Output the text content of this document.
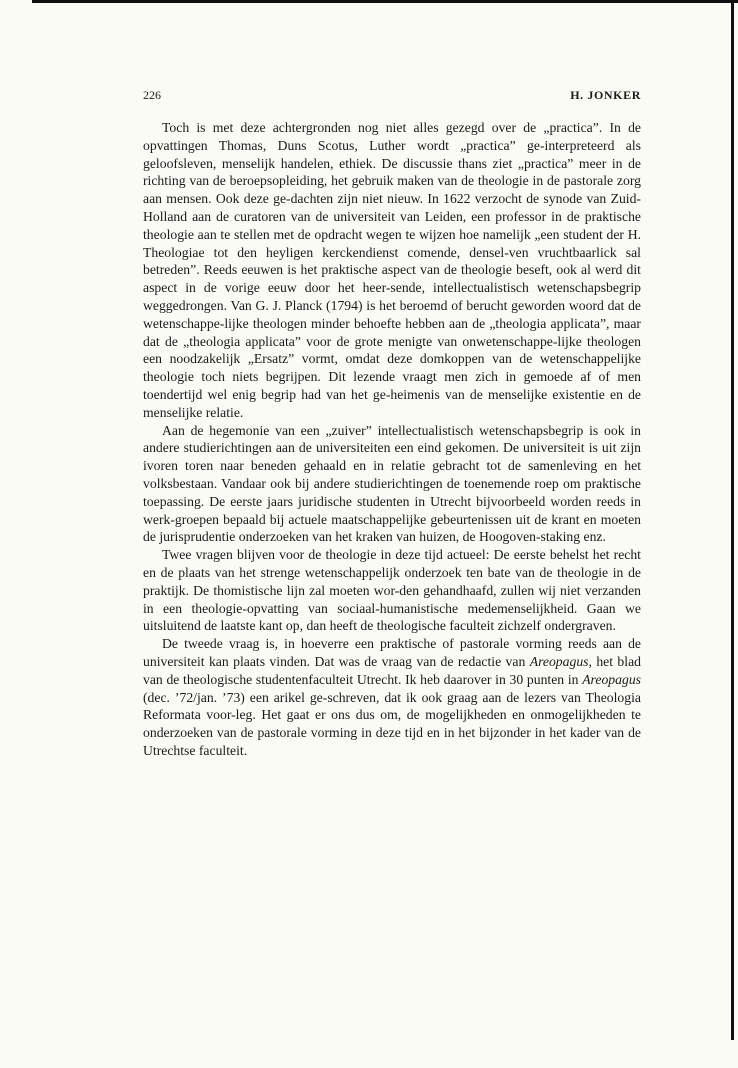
226	H. JONKER

Toch is met deze achtergronden nog niet alles gezegd over de „practica”. In de opvattingen Thomas, Duns Scotus, Luther wordt „practica” ge-interpreteerd als geloofsleven, menselijk handelen, ethiek. De discussie thans ziet „practica” meer in de richting van de beroepsopleiding, het gebruik maken van de theologie in de pastorale zorg aan mensen. Ook deze ge-dachten zijn niet nieuw. In 1622 verzocht de synode van Zuid-Holland aan de curatoren van de universiteit van Leiden, een professor in de praktische theologie aan te stellen met de opdracht wegen te wijzen hoe namelijk „een student der H. Theologiae tot den heyligen kerckendienst comende, densel-ven vruchtbaarlick sal betreden”. Reeds eeuwen is het praktische aspect van de theologie beseft, ook al werd dit aspect in de vorige eeuw door het heer-sende, intellectualistisch wetenschapsbegrip weggedrongen. Van G. J. Planck (1794) is het beroemd of berucht geworden woord dat de wetenschappe-lijke theologen minder behoefte hebben aan de „theologia applicata”, maar dat de „theologia applicata” voor de grote menigte van onwetenschappe-lijke theologen een noodzakelijk „Ersatz” vormt, omdat deze domkoppen van de wetenschappelijke theologie toch niets begrijpen. Dit lezende vraagt men zich in gemoede af of men toendertijd wel enig begrip had van het ge-heimenis van de menselijke existentie en de menselijke relatie.

Aan de hegemonie van een „zuiver” intellectualistisch wetenschapsbegrip is ook in andere studierichtingen aan de universiteiten een eind gekomen. De universiteit is uit zijn ivoren toren naar beneden gehaald en in relatie gebracht tot de samenleving en het volksbestaan. Vandaar ook bij andere studierichtingen de toenemende roep om praktische toepassing. De eerste jaars juridische studenten in Utrecht bijvoorbeeld worden reeds in werk-groepen bepaald bij actuele maatschappelijke gebeurtenissen uit de krant en moeten de jurisprudentie onderzoeken van het kraken van huizen, de Hoogoven-staking enz.

Twee vragen blijven voor de theologie in deze tijd actueel: De eerste behelst het recht en de plaats van het strenge wetenschappelijk onderzoek ten bate van de theologie in de praktijk. De thomistische lijn zal moeten wor-den gehandhaafd, zullen wij niet verzanden in een theologie-opvatting van sociaal-humanistische medemenselijkheid. Gaan we uitsluitend de laatste kant op, dan heeft de theologische faculteit zichzelf ondergraven.

De tweede vraag is, in hoeverre een praktische of pastorale vorming reeds aan de universiteit kan plaats vinden. Dat was de vraag van de redactie van Areopagus, het blad van de theologische studentenfaculteit Utrecht. Ik heb daarover in 30 punten in Areopagus (dec. ’72/jan. ’73) een arikel ge-schreven, dat ik ook graag aan de lezers van Theologia Reformata voor-leg. Het gaat er ons dus om, de mogelijkheden en onmogelijkheden te onderzoeken van de pastorale vorming in deze tijd en in het bijzonder in het kader van de Utrechtse faculteit.
